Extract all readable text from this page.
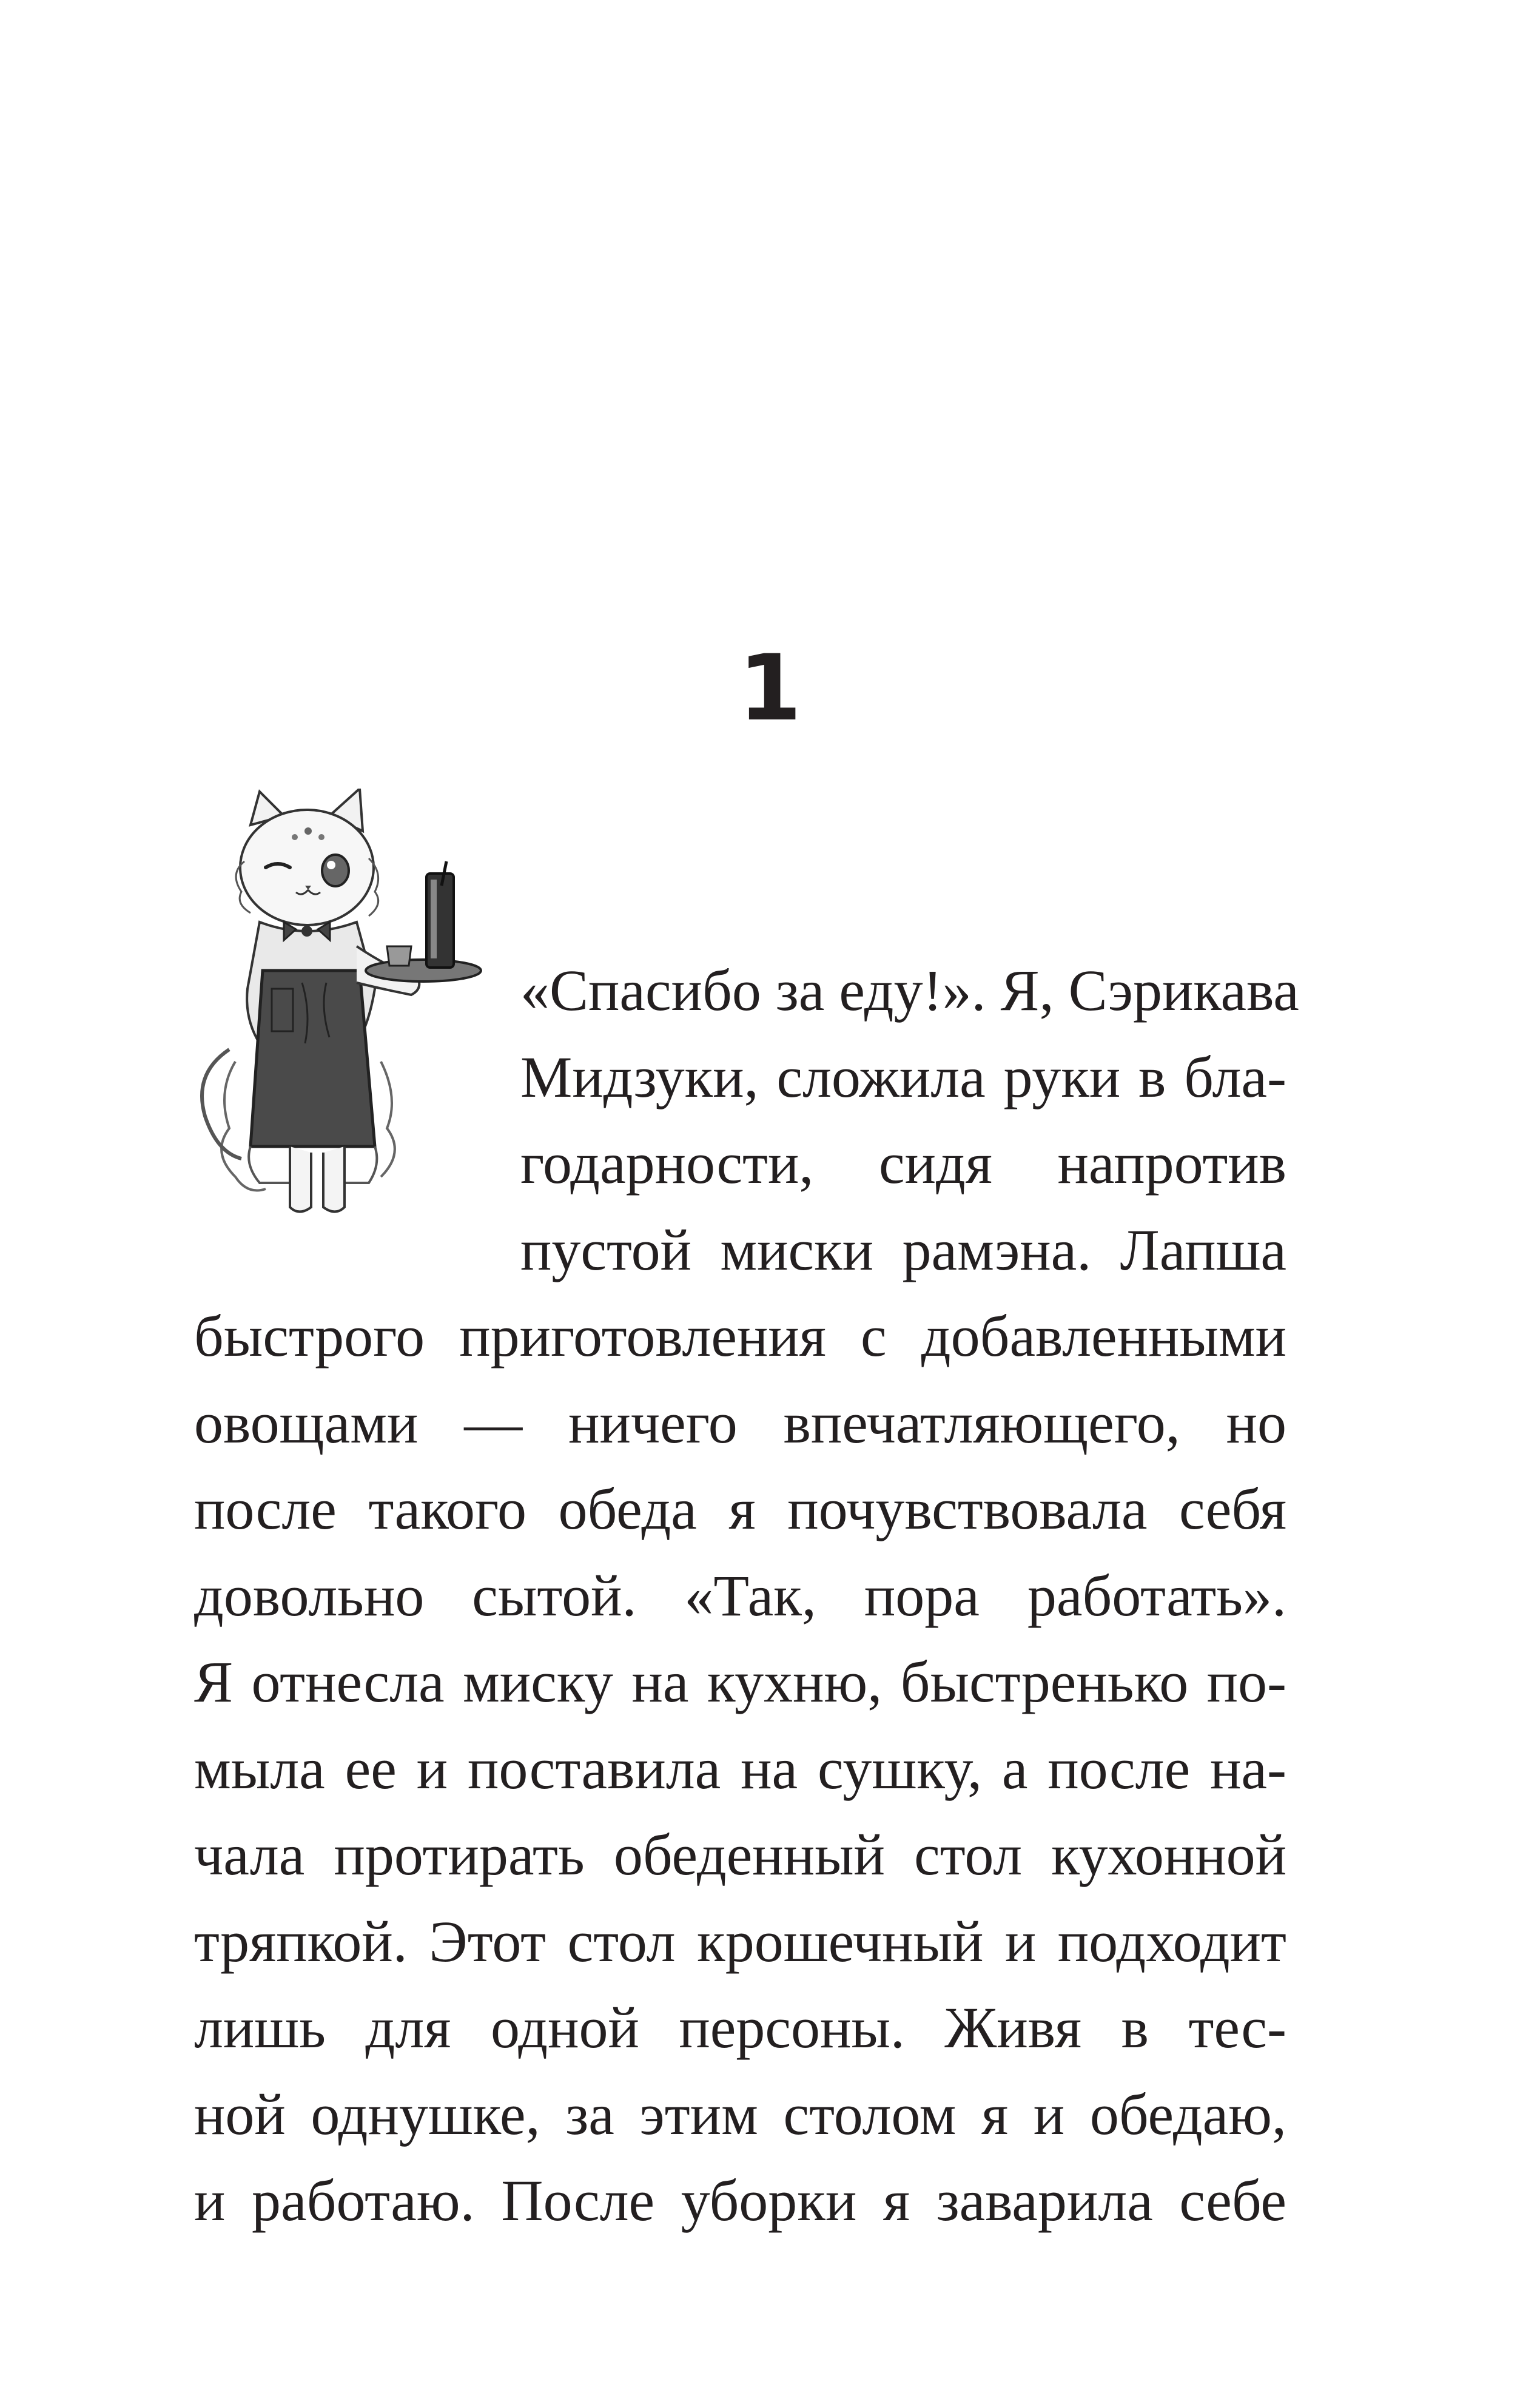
1
«Спасибо за еду!». Я, Сэрикава
Мидзуки, сложила руки в бла-
годарности, сидя напротив
пустой миски рамэна. Лапша
быстрого приготовления с добавленными
овощами — ничего впечатляющего, но
после такого обеда я почувствовала себя
довольно сытой. «Так, пора работать».
Я отнесла миску на кухню, быстренько по-
мыла ее и поставила на сушку, а после на-
чала протирать обеденный стол кухонной
тряпкой. Этот стол крошечный и подходит
лишь для одной персоны. Живя в тес-
ной однушке, за этим столом я и обедаю,
и работаю. После уборки я заварила себе
